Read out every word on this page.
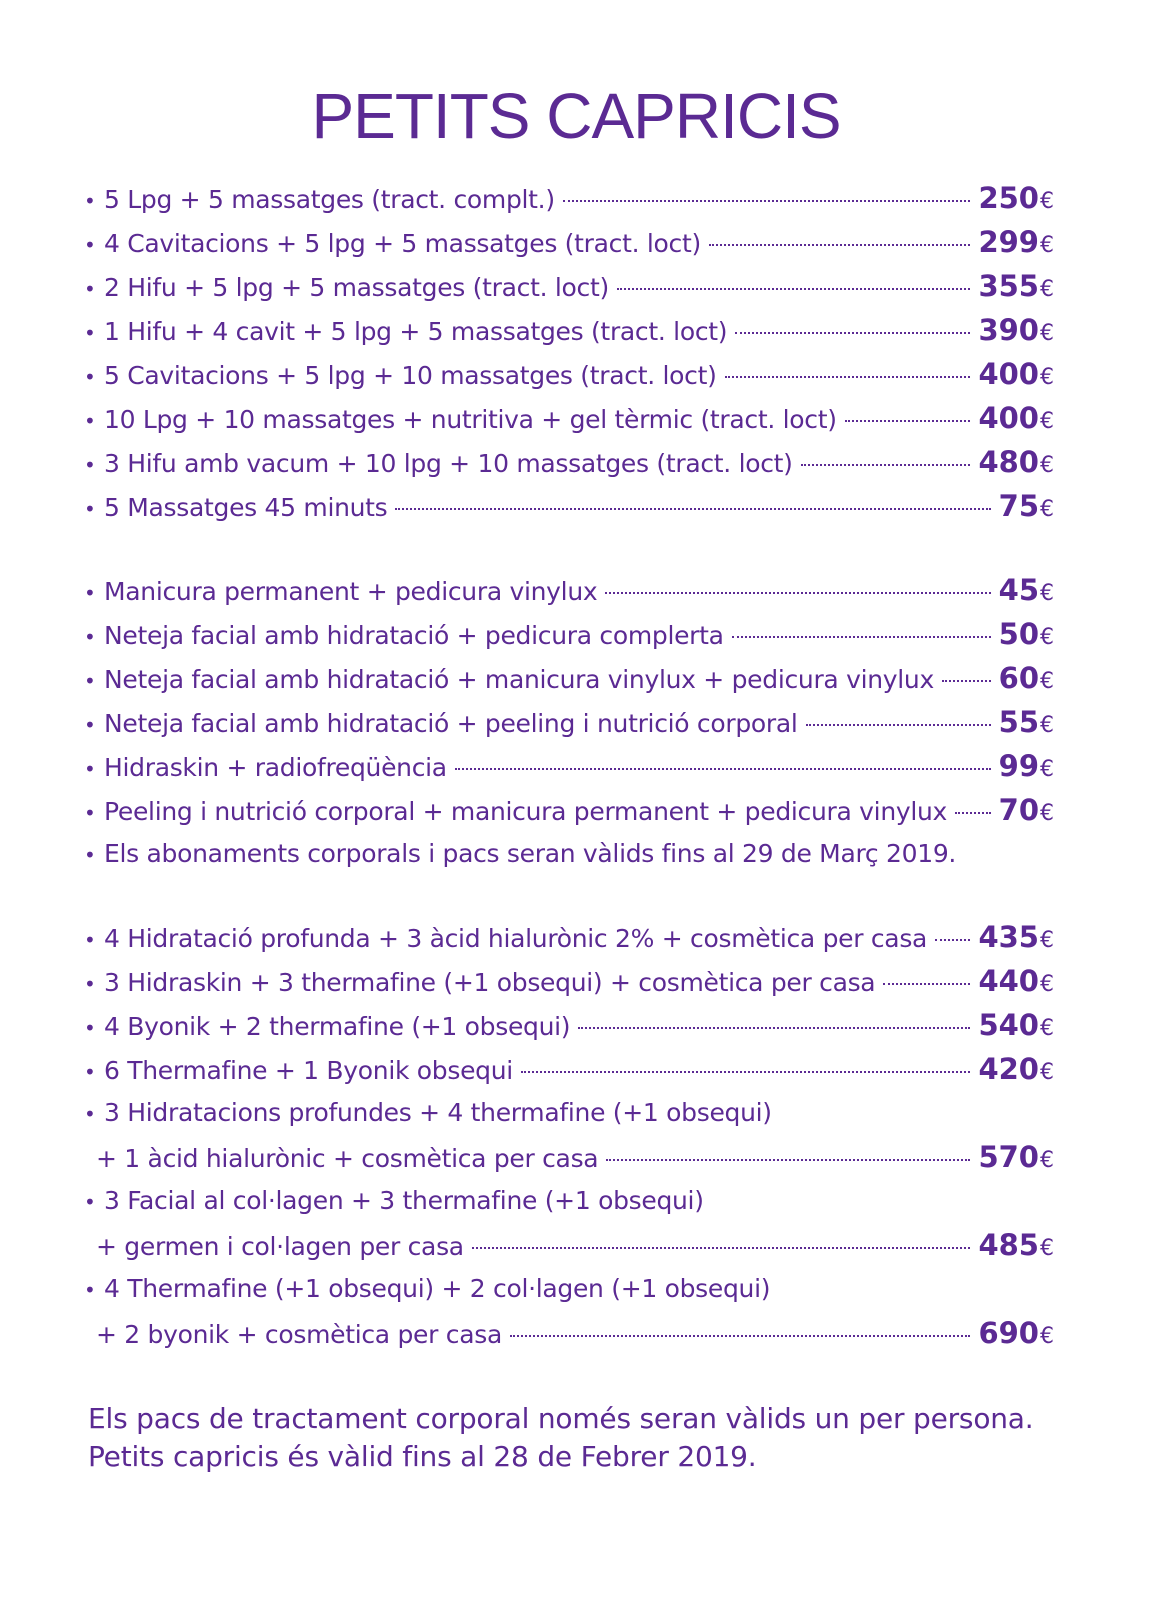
PETITS CAPRICIS
• 5 Lpg + 5 massatges (tract. complt.)	250€
• 4 Cavitacions + 5 lpg + 5 massatges (tract. loct)	299€
• 2 Hifu + 5 lpg + 5 massatges (tract. loct)	355€
• 1 Hifu + 4 cavit + 5 lpg + 5 massatges (tract. loct)	390€
• 5 Cavitacions + 5 lpg + 10 massatges (tract. loct)	400€
• 10 Lpg + 10 massatges + nutritiva + gel tèrmic (tract. loct)	400€
• 3 Hifu amb vacum + 10 lpg + 10 massatges (tract. loct)	480€
• 5 Massatges 45 minuts	75€
• Manicura permanent + pedicura vinylux	45€
• Neteja facial amb hidratació + pedicura complerta	50€
• Neteja facial amb hidratació + manicura vinylux + pedicura vinylux 60€
• Neteja facial amb hidratació + peeling i nutrició corporal	55€
• Hidraskin + radiofreqüència	99€
• Peeling i nutrició corporal + manicura permanent + pedicura vinylux 70€
• Els abonaments corporals i pacs seran vàlids fins al 29 de Març 2019.
• 4 Hidratació profunda + 3 àcid hialurònic 2% + cosmètica per casa 435€
• 3 Hidraskin + 3 thermafine (+1 obsequi) + cosmètica per casa	440€
• 4 Byonik + 2 thermafine (+1 obsequi)	540€
• 6 Thermafine + 1 Byonik obsequi	420€
• 3 Hidratacions profundes + 4 thermafine (+1 obsequi)
+ 1 àcid hialurònic + cosmètica per casa	570€
• 3 Facial al col·lagen + 3 thermafine (+1 obsequi)
+ germen i col·lagen per casa	485€
• 4 Thermafine (+1 obsequi) + 2 col·lagen (+1 obsequi)
+ 2 byonik + cosmètica per casa	690€
Els pacs de tractament corporal només seran vàlids un per persona.
Petits capricis és vàlid fins al 28 de Febrer 2019.
